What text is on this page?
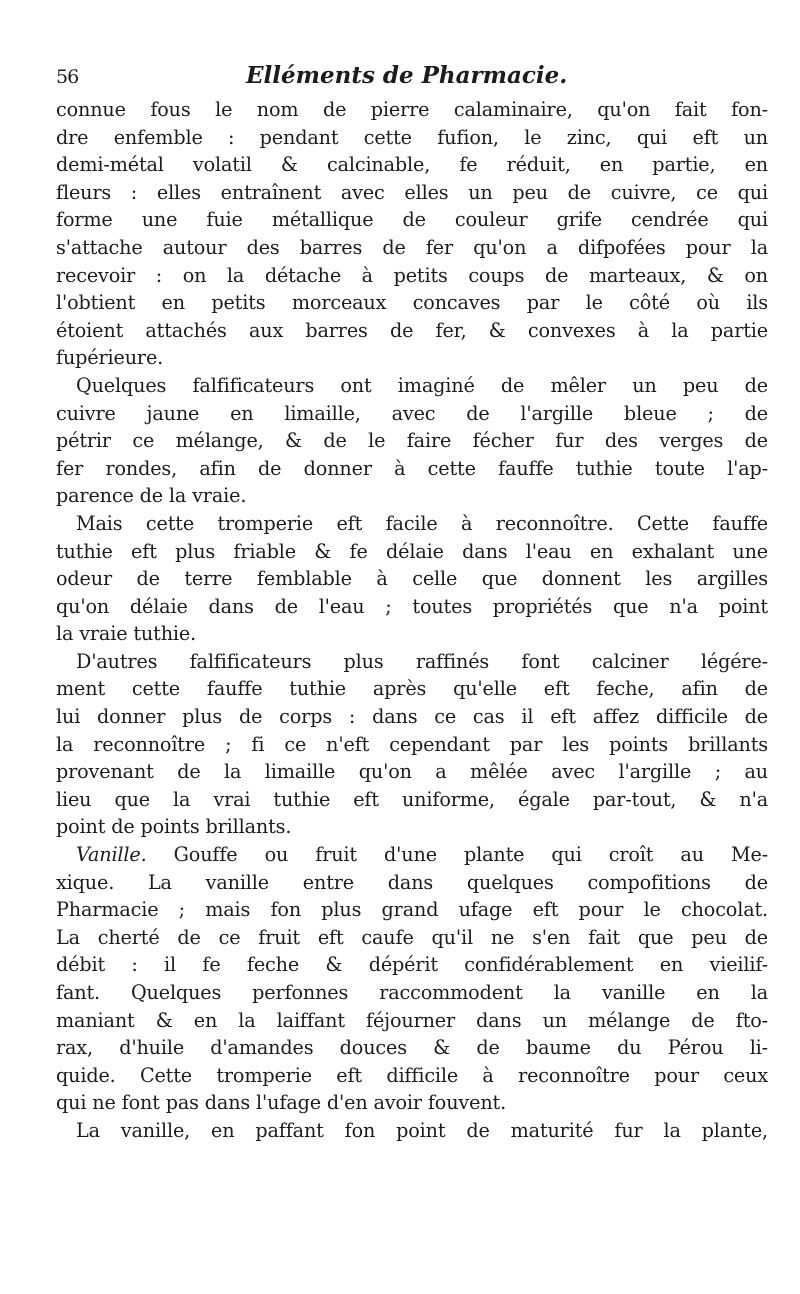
56	Elléments de Pharmacie.
connue fous le nom de pierre calaminaire, qu'on fait fon-
dre enfemble : pendant cette fufion, le zinc, qui eft un
demi-métal volatil & calcinable, fe réduit, en partie, en
fleurs : elles entraînent avec elles un peu de cuivre, ce qui
forme une fuie métallique de couleur grife cendrée qui
s'attache autour des barres de fer qu'on a difpofées pour la
recevoir : on la détache à petits coups de marteaux, & on
l'obtient en petits morceaux concaves par le côté où ils
étoient attachés aux barres de fer, & convexes à la partie
fupérieure.
Quelques falfificateurs ont imaginé de mêler un peu de
cuivre jaune en limaille, avec de l'argille bleue ; de
pétrir ce mélange, & de le faire fécher fur des verges de
fer rondes, afin de donner à cette fauffe tuthie toute l'ap-
parence de la vraie.
Mais cette tromperie eft facile à reconnoître. Cette fauffe
tuthie eft plus friable & fe délaie dans l'eau en exhalant une
odeur de terre femblable à celle que donnent les argilles
qu'on délaie dans de l'eau ; toutes propriétés que n'a point
la vraie tuthie.
D'autres falfificateurs plus raffinés font calciner légére-
ment cette fauffe tuthie après qu'elle eft feche, afin de
lui donner plus de corps : dans ce cas il eft affez difficile de
la reconnoître ; fi ce n'eft cependant par les points brillants
provenant de la limaille qu'on a mêlée avec l'argille ; au
lieu que la vrai tuthie eft uniforme, égale par-tout, & n'a
point de points brillants.
Vanille. Gouffe ou fruit d'une plante qui croît au Me-
xique. La vanille entre dans quelques compofitions de
Pharmacie ; mais fon plus grand ufage eft pour le chocolat.
La cherté de ce fruit eft caufe qu'il ne s'en fait que peu de
débit : il fe feche & dépérit confidérablement en vieilif-
fant. Quelques perfonnes raccommodent la vanille en la
maniant & en la laiffant féjourner dans un mélange de fto-
rax, d'huile d'amandes douces & de baume du Pérou li-
quide. Cette tromperie eft difficile à reconnoître pour ceux
qui ne font pas dans l'ufage d'en avoir fouvent.
La vanille, en paffant fon point de maturité fur la plante,
